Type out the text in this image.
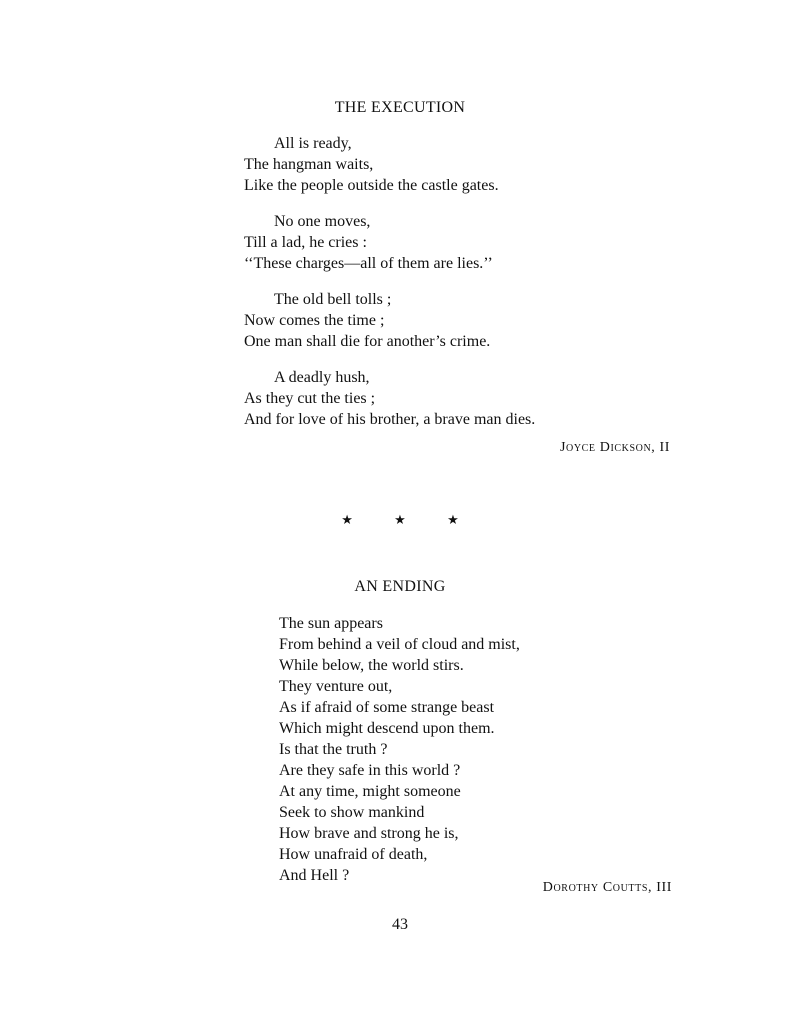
THE EXECUTION
All is ready,
The hangman waits,
Like the people outside the castle gates.
No one moves,
Till a lad, he cries :
‘‘These charges—all of them are lies.’’
The old bell tolls ;
Now comes the time ;
One man shall die for another’s crime.
A deadly hush,
As they cut the ties ;
And for love of his brother, a brave man dies.
Joyce Dickson, II
★	★	★
AN ENDING
The sun appears
From behind a veil of cloud and mist,
While below, the world stirs.
They venture out,
As if afraid of some strange beast
Which might descend upon them.
Is that the truth ?
Are they safe in this world ?
At any time, might someone
Seek to show mankind
How brave and strong he is,
How unafraid of death,
And Hell ?
Dorothy Coutts, III
43
